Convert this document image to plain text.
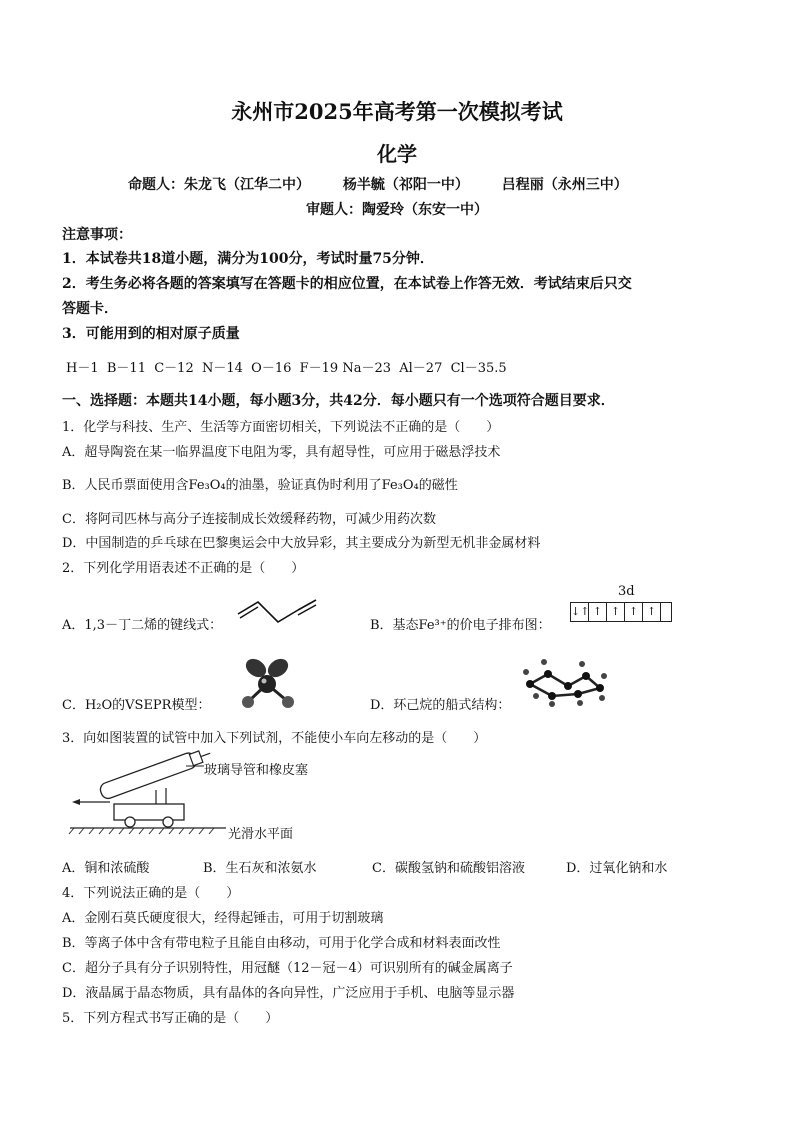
永州市2025年高考第一次模拟考试
化学
命题人：朱龙飞（江华二中） 杨半毓（祁阳一中） 吕程丽（永州三中）
审题人：陶爱玲（东安一中）
注意事项：
1．本试卷共18道小题，满分为100分，考试时量75分钟．
2．考生务必将各题的答案填写在答题卡的相应位置，在本试卷上作答无效．考试结束后只交
答题卡．
3．可能用到的相对原子质量
H－1  B－11  C－12  N－14  O－16  F－19 Na－23  Al－27  Cl－35.5
一、选择题：本题共14小题，每小题3分，共42分．每小题只有一个选项符合题目要求．
1．化学与科技、生产、生活等方面密切相关，下列说法不正确的是（　　）
A．超导陶瓷在某一临界温度下电阻为零，具有超导性，可应用于磁悬浮技术
B．人民币票面使用含Fe₃O₄的油墨，验证真伪时利用了Fe₃O₄的磁性
C．将阿司匹林与高分子连接制成长效缓释药物，可减少用药次数
D．中国制造的乒乓球在巴黎奥运会中大放异彩，其主要成分为新型无机非金属材料
2．下列化学用语表述不正确的是（　　）
A．1,3－丁二烯的键线式：	B．基态Fe³⁺的价电子排布图：
3d
↓↑ ↑ ↑ ↑ ↑
C．H₂O的VSEPR模型：	D．环己烷的船式结构：
3．向如图装置的试管中加入下列试剂，不能使小车向左移动的是（　　）
玻璃导管和橡皮塞
光滑水平面
A．铜和浓硫酸	B．生石灰和浓氨水	C．碳酸氢钠和硫酸铝溶液	D．过氧化钠和水
4．下列说法正确的是（　　）
A．金刚石莫氏硬度很大，经得起锤击，可用于切割玻璃
B．等离子体中含有带电粒子且能自由移动，可用于化学合成和材料表面改性
C．超分子具有分子识别特性，用冠醚（12－冠－4）可识别所有的碱金属离子
D．液晶属于晶态物质，具有晶体的各向异性，广泛应用于手机、电脑等显示器
5．下列方程式书写正确的是（　　）
